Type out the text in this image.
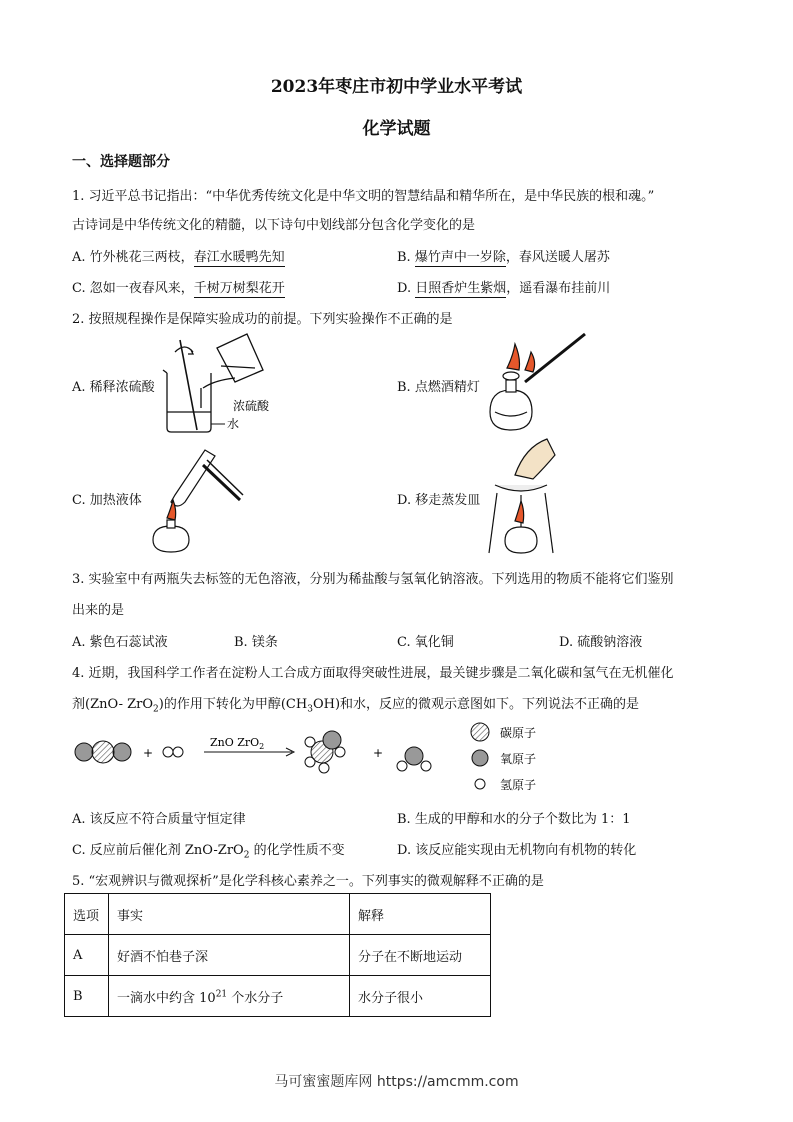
2023年枣庄市初中学业水平考试
化学试题
一、选择题部分
1. 习近平总书记指出：“中华优秀传统文化是中华文明的智慧结晶和精华所在，是中华民族的根和魂。”
古诗词是中华传统文化的精髓，以下诗句中划线部分包含化学变化的是
A. 竹外桃花三两枝，春江水暖鸭先知	B. 爆竹声中一岁除，春风送暖人屠苏
C. 忽如一夜春风来，千树万树梨花开	D. 日照香炉生紫烟，遥看瀑布挂前川
2. 按照规程操作是保障实验成功的前提。下列实验操作不正确的是
A. 稀释浓硫酸	B. 点燃酒精灯
C. 加热液体	D. 移走蒸发皿
浓硫酸
水
3. 实验室中有两瓶失去标签的无色溶液，分别为稀盐酸与氢氧化钠溶液。下列选用的物质不能将它们鉴别
出来的是
A. 紫色石蕊试液	B. 镁条	C. 氧化铜	D. 硫酸钠溶液
4. 近期，我国科学工作者在淀粉人工合成方面取得突破性进展，最关键步骤是二氧化碳和氢气在无机催化
剂(ZnO- ZrO$_2$)的作用下转化为甲醇$(CH_3OH)$和水，反应的微观示意图如下。下列说法不正确的是
+	+
ZnO ZrO$_2$
碳原子
氧原子
氢原子
A. 该反应不符合质量守恒定律	B. 生成的甲醇和水的分子个数比为 1：1
C. 反应前后催化剂 ZnO-ZrO$_2$ 的化学性质不变	D. 该反应能实现由无机物向有机物的转化
5. “宏观辨识与微观探析”是化学科核心素养之一。下列事实的微观解释不正确的是
选项	事实	解释
A	好酒不怕巷子深	分子在不断地运动
B	一滴水中约含 $10^{21}$ 个水分子	水分子很小
马可蜜蜜题库网 https://amcmm.com
